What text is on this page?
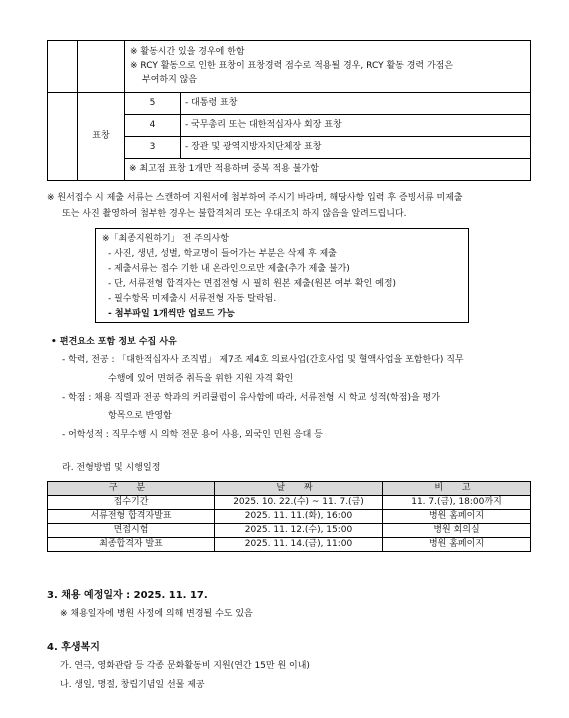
		※ 활동시간 있을 경우에 한함
※ RCY 활동으로 인한 표창이 표창경력 점수로 적용될 경우, RCY 활동 경력 가점은
부여하지 않음	

	표창	5	- 대통령 표창
		4	- 국무총리 또는 대한적십자사 회장 표창
		3	- 장관 및 광역지방자치단체장 표창
		※ 최고점 표창 1개만 적용하며 중복 적용 불가함	
※ 원서접수 시 제출 서류는 스캔하여 지원서에 첨부하여 주시기 바라며, 해당사항 입력 후 증빙서류 미제출
또는 사진 촬영하여 첨부한 경우는 불합격처리 또는 우대조치 하지 않음을 알려드립니다.
※「최종지원하기」 전 주의사항
- 사진, 생년, 성별, 학교명이 들어가는 부분은 삭제 후 제출
- 제출서류는 접수 기한 내 온라인으로만 제출(추가 제출 불가)
- 단, 서류전형 합격자는 면접전형 시 필히 원본 제출(원본 여부 확인 예정)
- 필수항목 미제출시 서류전형 자동 탈락됨.
- 첨부파일 1개씩만 업로드 가능
• 편견요소 포함 정보 수집 사유
- 학력, 전공 : 「대한적십자사 조직법」 제7조 제4호 의료사업(간호사업 및 혈액사업을 포함한다) 직무
수행에 있어 면허증 취득을 위한 지원 자격 확인
- 학점 : 채용 직렬과 전공 학과의 커리큘럼이 유사함에 따라, 서류전형 시 학교 성적(학점)을 평가
항목으로 반영함
- 어학성적 : 직무수행 시 의학 전문 용어 사용, 외국인 민원 응대 등
라. 전형방법 및 시행일정
구 분	날 짜	비 고
접수기간	2025. 10. 22.(수) ~ 11. 7.(금)	11. 7.(금), 18:00까지
서류전형 합격자발표	2025. 11. 11.(화), 16:00	병원 홈페이지
면접시험	2025. 11. 12.(수), 15:00	병원 회의실
최종합격자 발표	2025. 11. 14.(금), 11:00	병원 홈페이지
3. 채용 예정일자 : 2025. 11. 17.
※ 채용일자에 병원 사정에 의해 변경될 수도 있음
4. 후생복지
가. 연극, 영화관람 등 각종 문화활동비 지원(연간 15만 원 이내)
나. 생일, 명절, 창립기념일 선물 제공
